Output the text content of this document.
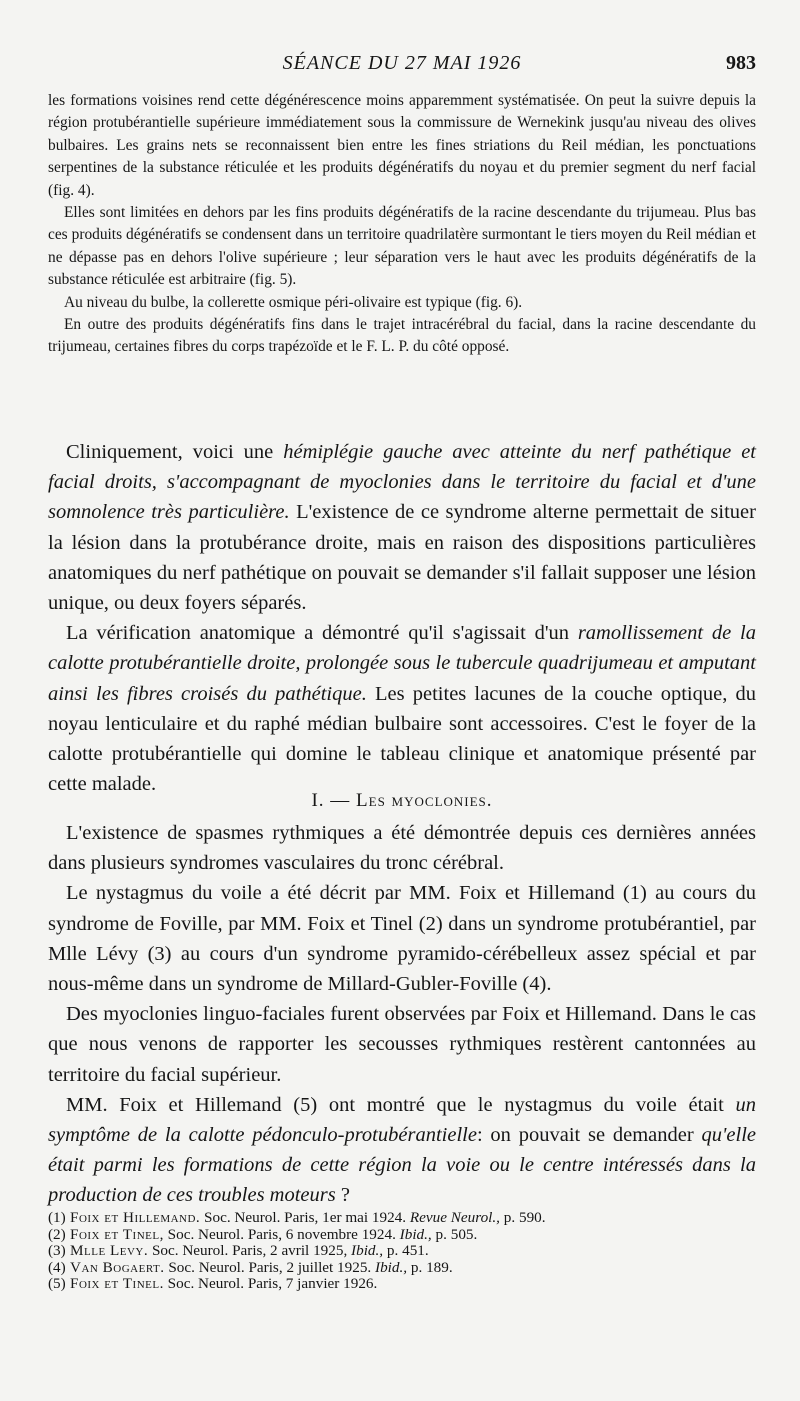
SÉANCE DU 27 MAI 1926	983

les formations voisines rend cette dégénérescence moins apparemment systématisée. On peut la suivre depuis la région protubérantielle supérieure immédiatement sous la commissure de Wernekink jusqu'au niveau des olives bulbaires. Les grains nets se reconnaissent bien entre les fines striations du Reil médian, les ponctuations serpentines de la substance réticulée et les produits dégénératifs du noyau et du premier segment du nerf facial (fig. 4).

Elles sont limitées en dehors par les fins produits dégénératifs de la racine descendante du trijumeau. Plus bas ces produits dégénératifs se condensent dans un territoire quadrilatère surmontant le tiers moyen du Reil médian et ne dépasse pas en dehors l'olive supérieure ; leur séparation vers le haut avec les produits dégénératifs de la substance réticulée est arbitraire (fig. 5).

Au niveau du bulbe, la collerette osmique péri-olivaire est typique (fig. 6).

En outre des produits dégénératifs fins dans le trajet intracérébral du facial, dans la racine descendante du trijumeau, certaines fibres du corps trapézoïde et le F. L. P. du côté opposé.

Cliniquement, voici une hémiplégie gauche avec atteinte du nerf pathétique et facial droits, s'accompagnant de myoclonies dans le territoire du facial et d'une somnolence très particulière. L'existence de ce syndrome alterne permettait de situer la lésion dans la protubérance droite, mais en raison des dispositions particulières anatomiques du nerf pathétique on pouvait se demander s'il fallait supposer une lésion unique, ou deux foyers séparés.

La vérification anatomique a démontré qu'il s'agissait d'un ramollissement de la calotte protubérantielle droite, prolongée sous le tubercule quadrijumeau et amputant ainsi les fibres croisés du pathétique. Les petites lacunes de la couche optique, du noyau lenticulaire et du raphé médian bulbaire sont accessoires. C'est le foyer de la calotte protubérantielle qui domine le tableau clinique et anatomique présenté par cette malade.

I. — Les myoclonies.

L'existence de spasmes rythmiques a été démontrée depuis ces dernières années dans plusieurs syndromes vasculaires du tronc cérébral.

Le nystagmus du voile a été décrit par MM. Foix et Hillemand (1) au cours du syndrome de Foville, par MM. Foix et Tinel (2) dans un syndrome protubérantiel, par Mlle Lévy (3) au cours d'un syndrome pyramido-cérébelleux assez spécial et par nous-même dans un syndrome de Millard-Gubler-Foville (4).

Des myoclonies linguo-faciales furent observées par Foix et Hillemand. Dans le cas que nous venons de rapporter les secousses rythmiques restèrent cantonnées au territoire du facial supérieur.

MM. Foix et Hillemand (5) ont montré que le nystagmus du voile était un symptôme de la calotte pédonculo-protubérantielle: on pouvait se demander qu'elle était parmi les formations de cette région la voie ou le centre intéressés dans la production de ces troubles moteurs ?

(1) Foix et Hillemand. Soc. Neurol. Paris, 1er mai 1924. Revue Neurol., p. 590.

(2) Foix et Tinel, Soc. Neurol. Paris, 6 novembre 1924. Ibid., p. 505.

(3) Mlle Levy. Soc. Neurol. Paris, 2 avril 1925, Ibid., p. 451.

(4) Van Bogaert. Soc. Neurol. Paris, 2 juillet 1925. Ibid., p. 189.

(5) Foix et Tinel. Soc. Neurol. Paris, 7 janvier 1926.
